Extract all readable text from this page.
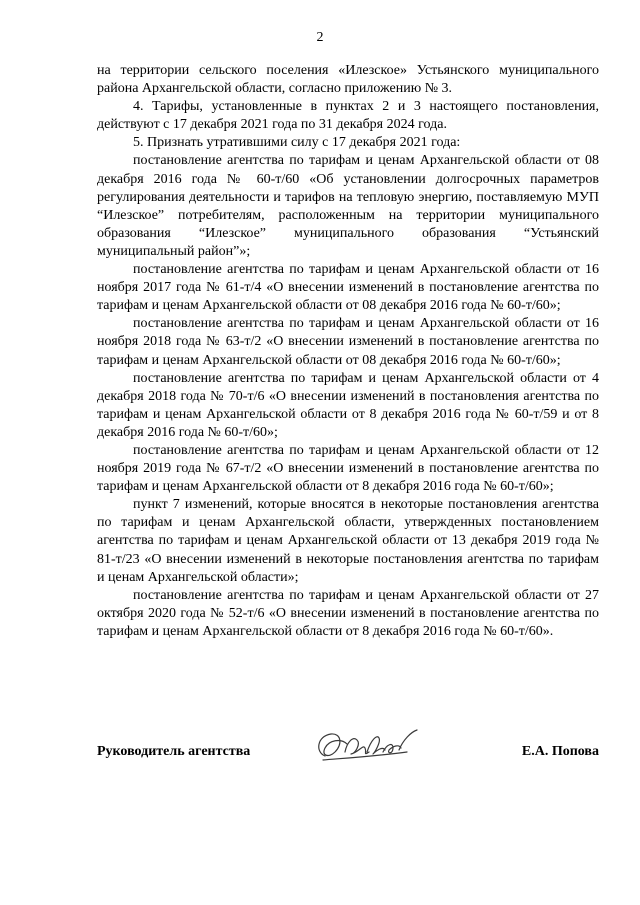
2

на территории сельского поселения «Илезское» Устьянского муниципального района Архангельской области, согласно приложению № 3.

4. Тарифы, установленные в пунктах 2 и 3 настоящего постановления, действуют с 17 декабря 2021 года по 31 декабря 2024 года.

5. Признать утратившими силу с 17 декабря 2021 года:

постановление агентства по тарифам и ценам Архангельской области от 08 декабря 2016 года № 60-т/60 «Об установлении долгосрочных параметров регулирования деятельности и тарифов на тепловую энергию, поставляемую МУП “Илезское” потребителям, расположенным на территории муниципального образования “Илезское” муниципального образования “Устьянский муниципальный район”»;

постановление агентства по тарифам и ценам Архангельской области от 16 ноября 2017 года № 61-т/4 «О внесении изменений в постановление агентства по тарифам и ценам Архангельской области от 08 декабря 2016 года № 60-т/60»;

постановление агентства по тарифам и ценам Архангельской области от 16 ноября 2018 года № 63-т/2 «О внесении изменений в постановление агентства по тарифам и ценам Архангельской области от 08 декабря 2016 года № 60-т/60»;

постановление агентства по тарифам и ценам Архангельской области от 4 декабря 2018 года № 70-т/6 «О внесении изменений в постановления агентства по тарифам и ценам Архангельской области от 8 декабря 2016 года № 60-т/59 и от 8 декабря 2016 года № 60-т/60»;

постановление агентства по тарифам и ценам Архангельской области от 12 ноября 2019 года № 67-т/2 «О внесении изменений в постановление агентства по тарифам и ценам Архангельской области от 8 декабря 2016 года № 60-т/60»;

пункт 7 изменений, которые вносятся в некоторые постановления агентства по тарифам и ценам Архангельской области, утвержденных постановлением агентства по тарифам и ценам Архангельской области от 13 декабря 2019 года № 81-т/23 «О внесении изменений в некоторые постановления агентства по тарифам и ценам Архангельской области»;

постановление агентства по тарифам и ценам Архангельской области от 27 октября 2020 года № 52-т/6 «О внесении изменений в постановление агентства по тарифам и ценам Архангельской области от 8 декабря 2016 года № 60-т/60».

Руководитель агентства	Е.А. Попова
